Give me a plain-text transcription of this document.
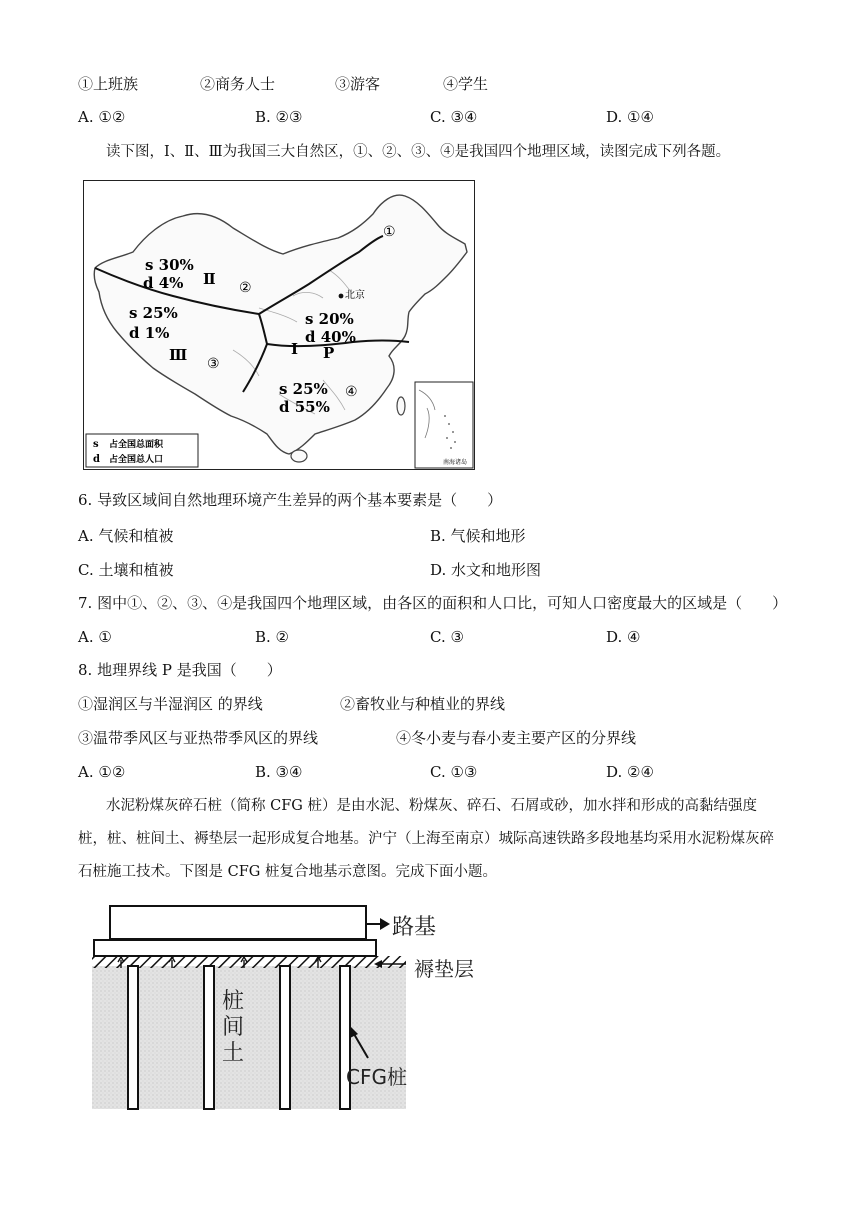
①上班族	②商务人士	③游客	④学生
A. ①②	B. ②③	C. ③④	D. ①④
读下图，Ⅰ、Ⅱ、Ⅲ为我国三大自然区，①、②、③、④是我国四个地理区域，读图完成下列各题。
s 30%
d 4% Ⅱ
s 25%
d 1%
Ⅲ
s 20%
d 40%
Ⅰ P
s 25%
d 55%
①
②
③
④
北京
s 占全国总面积
d 占全国总人口	南海诸岛
6. 导致区域间自然地理环境产生差异的两个基本要素是（　　）
A. 气候和植被	B. 气候和地形
C. 土壤和植被	D. 水文和地形图
7. 图中①、②、③、④是我国四个地理区域，由各区的面积和人口比，可知人口密度最大的区域是（　　）
A. ①	B. ②	C. ③	D. ④
8. 地理界线 P 是我国（　　）
①湿润区与半湿润区 的界线	②畜牧业与种植业的界线
③温带季风区与亚热带季风区的界线	④冬小麦与春小麦主要产区的分界线
A. ①②	B. ③④	C. ①③	D. ②④
水泥粉煤灰碎石桩（简称 CFG 桩）是由水泥、粉煤灰、碎石、石屑或砂，加水拌和形成的高黏结强度桩，桩、桩间土、褥垫层一起形成复合地基。沪宁（上海至南京）城际高速铁路多段地基均采用水泥粉煤灰碎石桩施工技术。下图是 CFG 桩复合地基示意图。完成下面小题。
路基
褥垫层
桩
间
土
CFG桩
